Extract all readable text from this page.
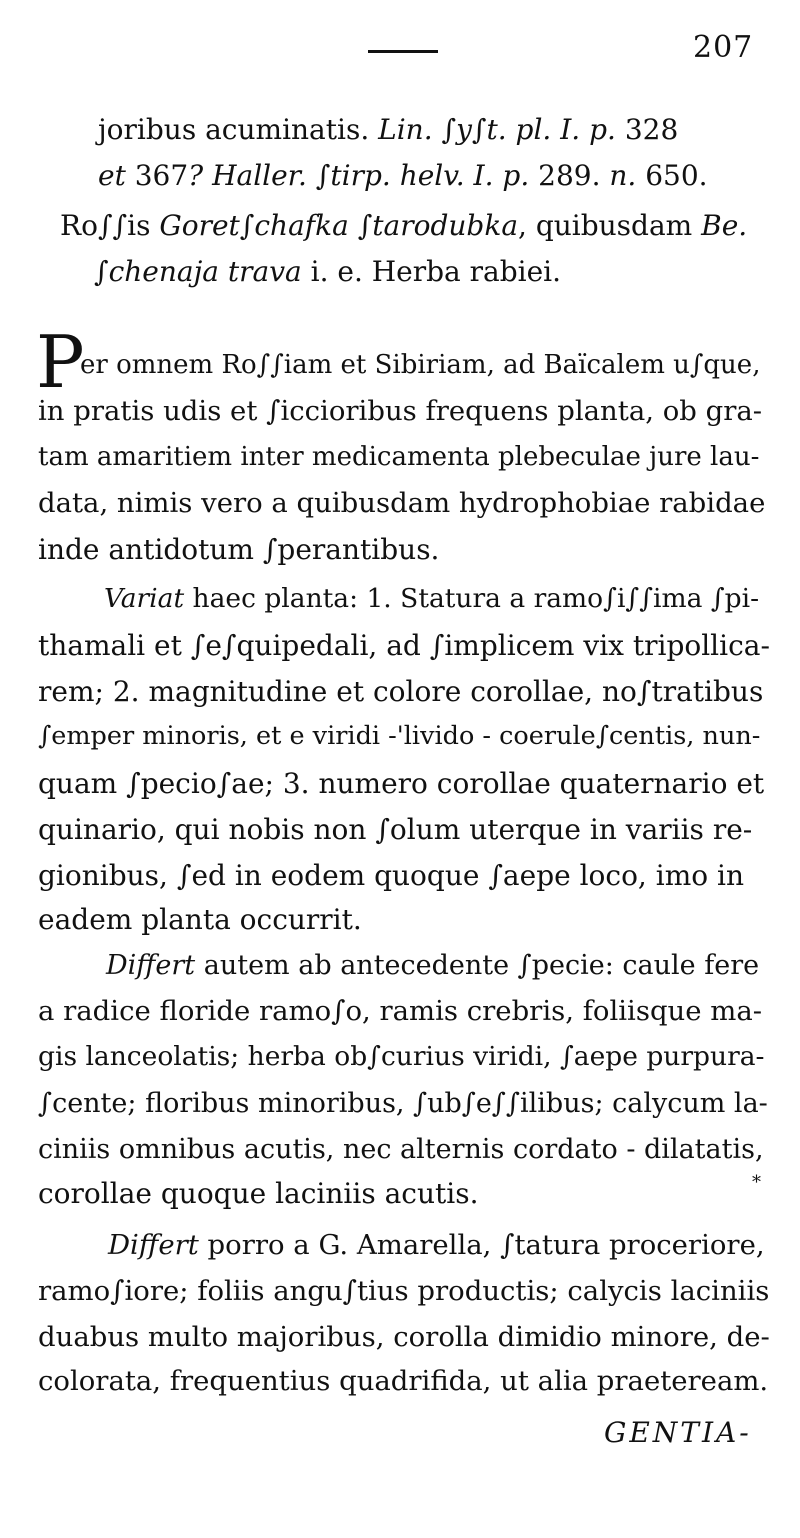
207
joribus acuminatis. Lin. ∫y∫t. pl. I. p. 328
et 367? Haller. ∫tirp. helv. I. p. 289. n. 650.
Ro∫∫is Goret∫chafka ∫tarodubka, quibusdam Be.
∫chenaja trava i. e. Herba rabiei.
P
er omnem Ro∫∫iam et Sibiriam, ad Baïcalem u∫que,
in pratis udis et ∫iccioribus frequens planta, ob gra-
tam amaritiem inter medicamenta plebeculae jure lau-
data, nimis vero a quibusdam hydrophobiae rabidae
inde antidotum ∫perantibus.
Variat haec planta: 1. Statura a ramo∫i∫∫ima ∫pi-
thamali et ∫e∫quipedali, ad ∫implicem vix tripollica-
rem; 2. magnitudine et colore corollae, no∫tratibus
∫emper minoris, et e viridi -'livido - coerule∫centis, nun-
quam ∫pecio∫ae; 3. numero corollae quaternario et
quinario, qui nobis non ∫olum uterque in variis re-
gionibus, ∫ed in eodem quoque ∫aepe loco, imo in
eadem planta occurrit.
Differt autem ab antecedente ∫pecie: caule fere
a radice floride ramo∫o, ramis crebris, foliisque ma-
gis lanceolatis; herba ob∫curius viridi, ∫aepe purpura-
∫cente; floribus minoribus, ∫ub∫e∫∫ilibus; calycum la-
ciniis omnibus acutis, nec alternis cordato - dilatatis,
corollae quoque laciniis acutis.	*
Differt porro a G. Amarella, ∫tatura proceriore,
ramo∫iore; foliis angu∫tius productis; calycis laciniis
duabus multo majoribus, corolla dimidio minore, de-
colorata, frequentius quadrifida, ut alia praeteream.
GENTIA-
